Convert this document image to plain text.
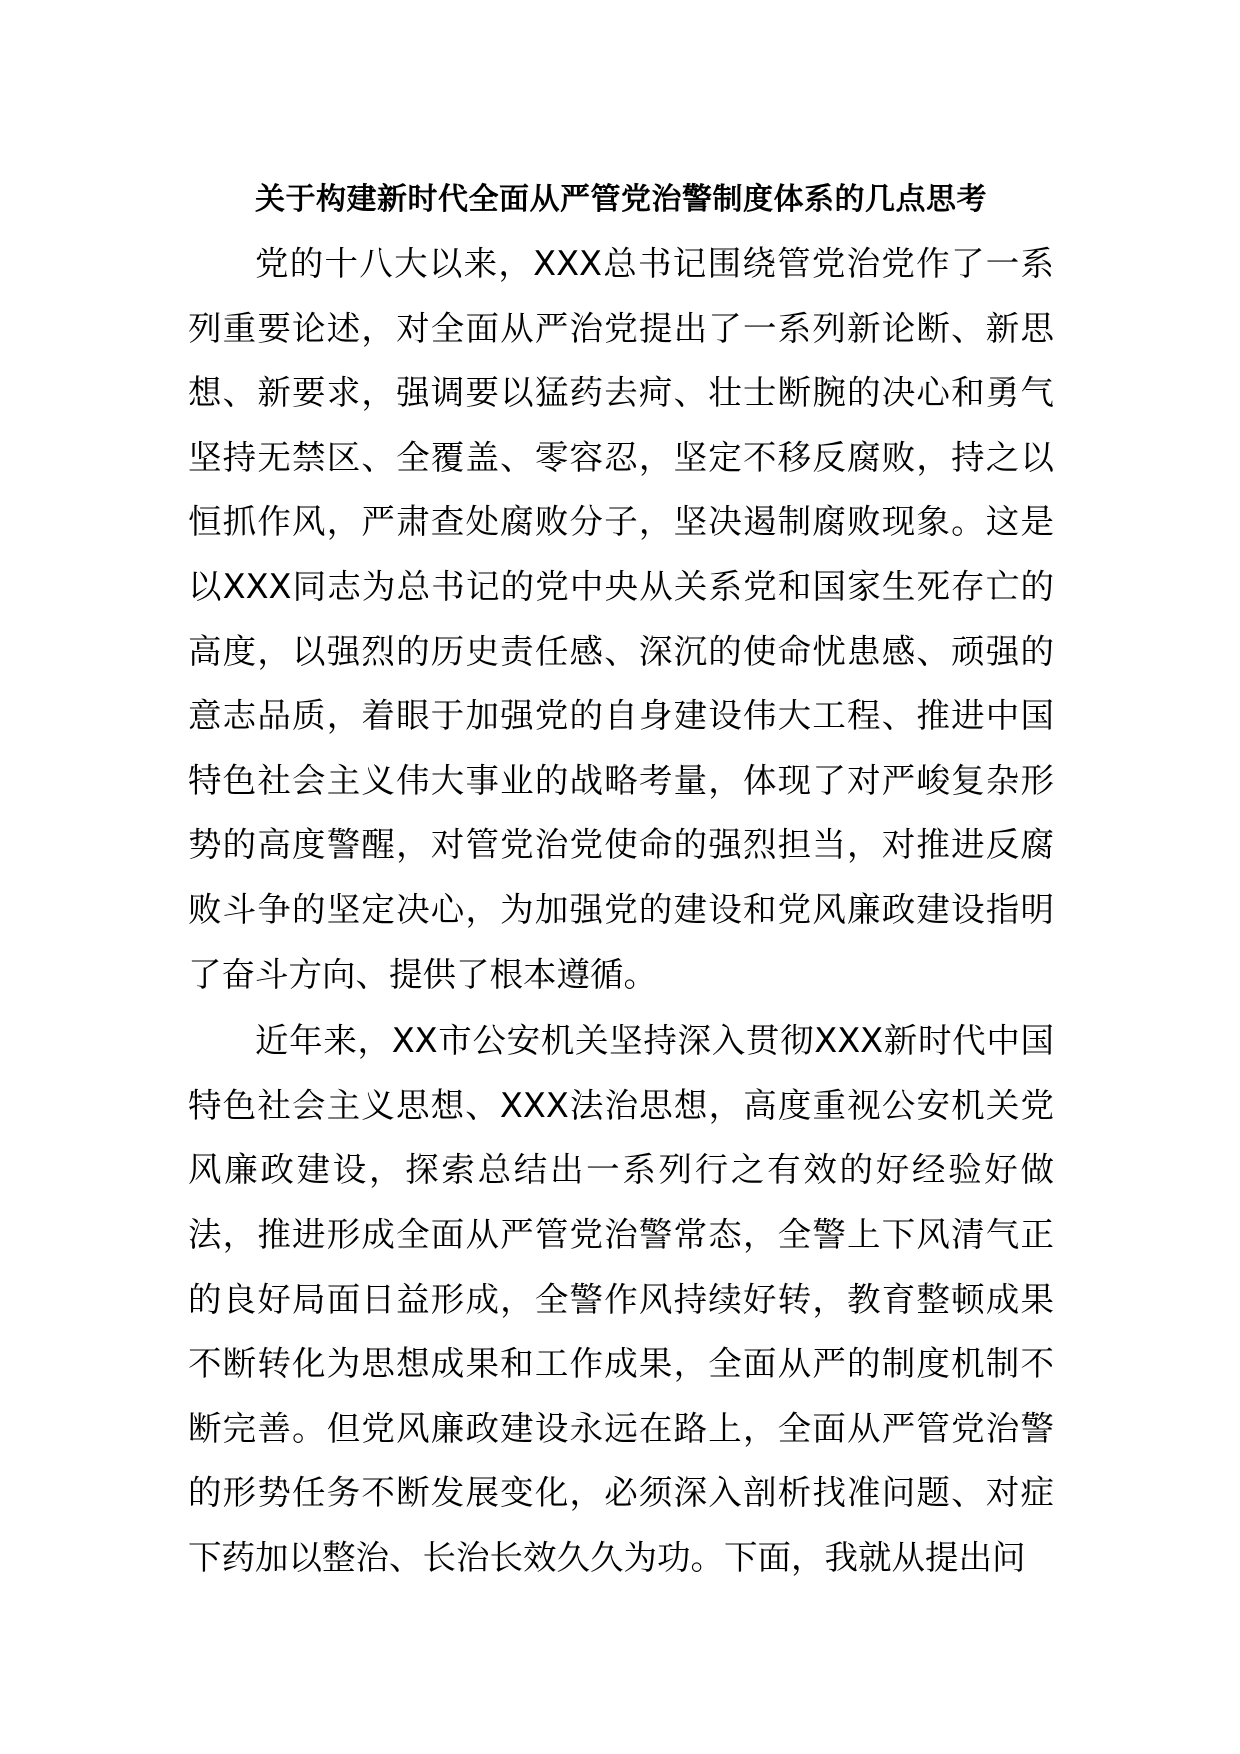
关于构建新时代全面从严管党治警制度体系的几点思考

党的十八大以来，XXX总书记围绕管党治党作了一系列重要论述，对全面从严治党提出了一系列新论断、新思想、新要求，强调要以猛药去疴、壮士断腕的决心和勇气坚持无禁区、全覆盖、零容忍，坚定不移反腐败，持之以恒抓作风，严肃查处腐败分子，坚决遏制腐败现象。这是以XXX同志为总书记的党中央从关系党和国家生死存亡的高度，以强烈的历史责任感、深沉的使命忧患感、顽强的意志品质，着眼于加强党的自身建设伟大工程、推进中国特色社会主义伟大事业的战略考量，体现了对严峻复杂形势的高度警醒，对管党治党使命的强烈担当，对推进反腐败斗争的坚定决心，为加强党的建设和党风廉政建设指明了奋斗方向、提供了根本遵循。

近年来，XX市公安机关坚持深入贯彻XXX新时代中国特色社会主义思想、XXX法治思想，高度重视公安机关党风廉政建设，探索总结出一系列行之有效的好经验好做法，推进形成全面从严管党治警常态，全警上下风清气正的良好局面日益形成，全警作风持续好转，教育整顿成果不断转化为思想成果和工作成果，全面从严的制度机制不断完善。但党风廉政建设永远在路上，全面从严管党治警的形势任务不断发展变化，必须深入剖析找准问题、对症下药加以整治、长治长效久久为功。下面，我就从提出问
